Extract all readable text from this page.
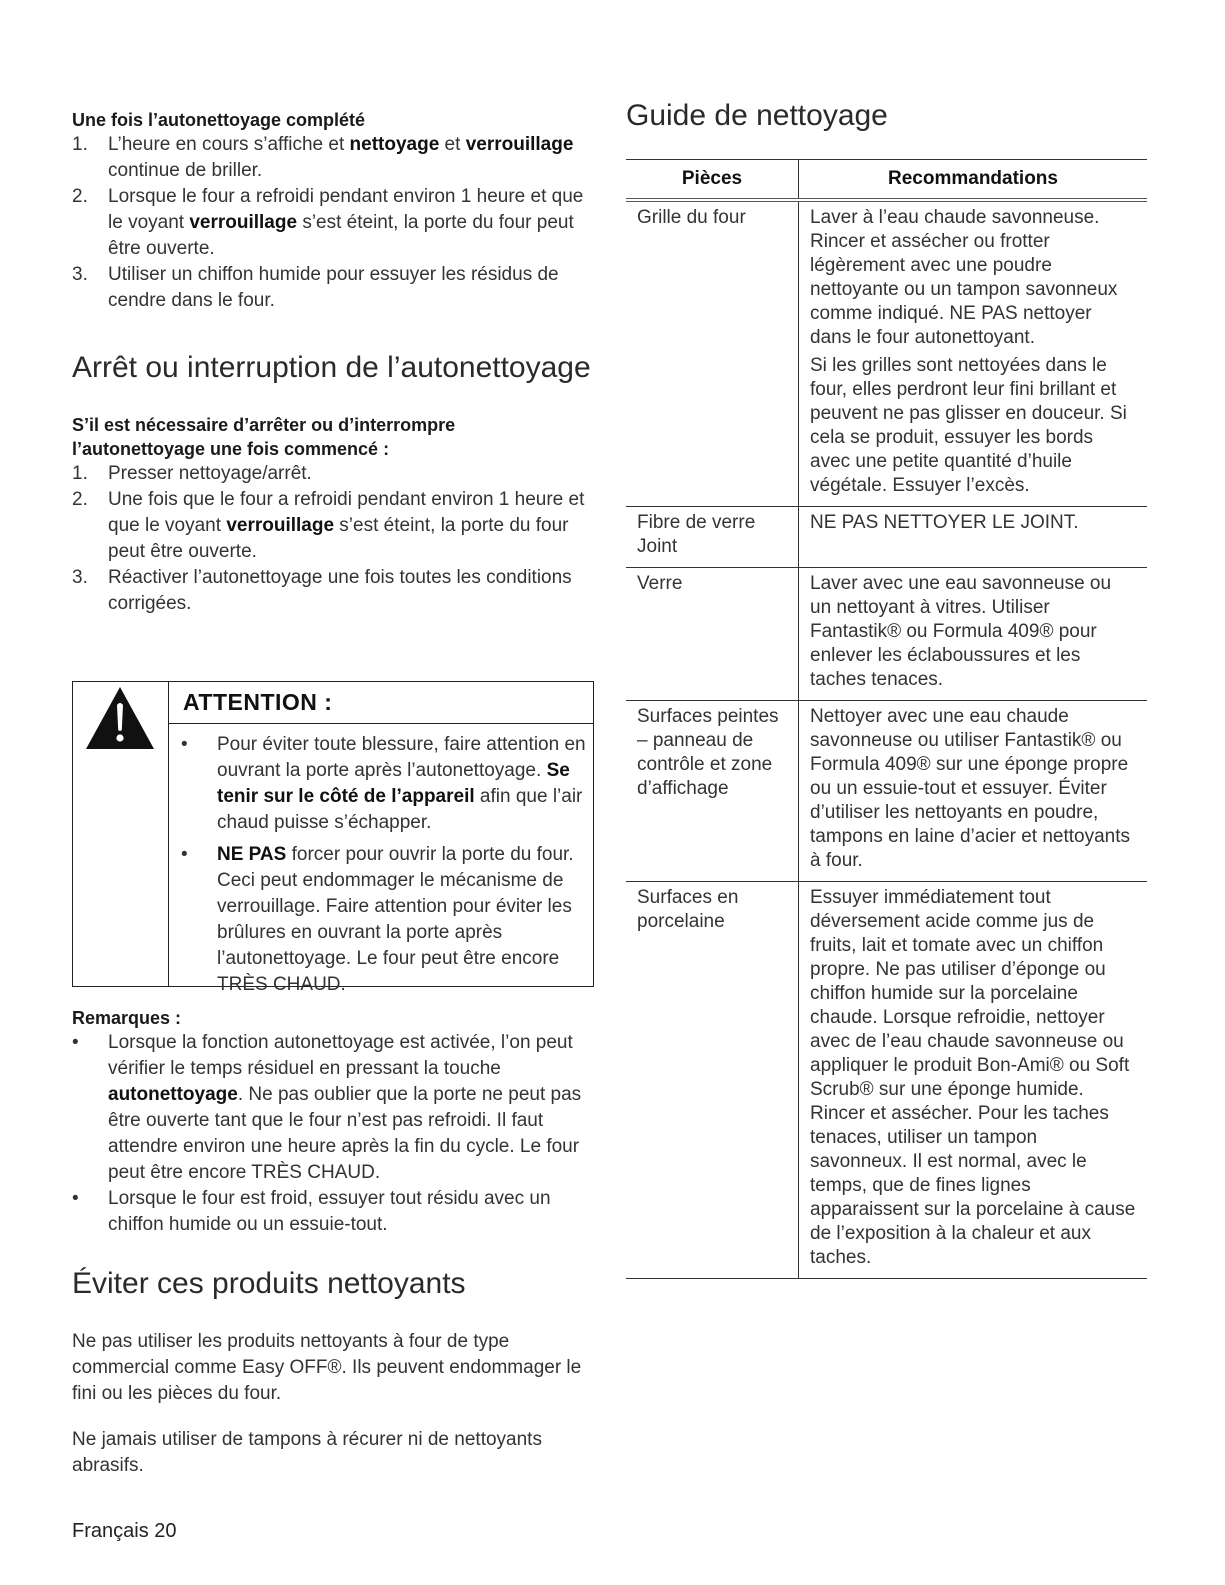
Une fois l’autonettoyage complété

1.	L’heure en cours s’affiche et nettoyage et verrouillage continue de briller.
2.	Lorsque le four a refroidi pendant environ 1 heure et que le voyant verrouillage s’est éteint, la porte du four peut être ouverte.
3.	Utiliser un chiffon humide pour essuyer les résidus de cendre dans le four.
Arrêt ou interruption de l’autonettoyage

S’il est nécessaire d’arrêter ou d’interrompre l’autonettoyage une fois commencé :

1.	Presser nettoyage/arrêt.
2.	Une fois que le four a refroidi pendant environ 1 heure et que le voyant verrouillage s’est éteint, la porte du four peut être ouverte.
3.	Réactiver l’autonettoyage une fois toutes les conditions corrigées.
ATTENTION :
•	Pour éviter toute blessure, faire attention en ouvrant la porte après l’autonettoyage. Se tenir sur le côté de l’appareil afin que l’air chaud puisse s’échapper.
•	NE PAS forcer pour ouvrir la porte du four. Ceci peut endommager le mécanisme de verrouillage. Faire attention pour éviter les brûlures en ouvrant la porte après l’autonettoyage. Le four peut être encore TRÈS CHAUD.

Remarques :

•	Lorsque la fonction autonettoyage est activée, l’on peut vérifier le temps résiduel en pressant la touche autonettoyage. Ne pas oublier que la porte ne peut pas être ouverte tant que le four n’est pas refroidi. Il faut attendre environ une heure après la fin du cycle. Le four peut être encore TRÈS CHAUD.
•	Lorsque le four est froid, essuyer tout résidu avec un chiffon humide ou un essuie-tout.
Éviter ces produits nettoyants

Ne pas utiliser les produits nettoyants à four de type commercial comme Easy OFF®. Ils peuvent endommager le fini ou les pièces du four.

Ne jamais utiliser de tampons à récurer ni de nettoyants abrasifs.

Guide de nettoyage
Pièces	Recommandations

Grille du four	Laver à l’eau chaude savonneuse. Rincer et assécher ou frotter légèrement avec une poudre nettoyante ou un tampon savonneux comme indiqué. NE PAS nettoyer dans le four autonettoyant.
Si les grilles sont nettoyées dans le four, elles perdront leur fini brillant et peuvent ne pas glisser en douceur. Si cela se produit, essuyer les bords avec une petite quantité d’huile végétale. Essuyer l’excès.

Fibre de verre
Joint	NE PAS NETTOYER LE JOINT.

Verre	Laver avec une eau savonneuse ou un nettoyant à vitres. Utiliser Fantastik® ou Formula 409® pour enlever les éclaboussures et les taches tenaces.

Surfaces peintes – panneau de contrôle et zone d’affichage	Nettoyer avec une eau chaude savonneuse ou utiliser Fantastik® ou Formula 409® sur une éponge propre ou un essuie-tout et essuyer. Éviter d’utiliser les nettoyants en poudre, tampons en laine d’acier et nettoyants à four.

Surfaces en porcelaine	Essuyer immédiatement tout déversement acide comme jus de fruits, lait et tomate avec un chiffon propre. Ne pas utiliser d’éponge ou chiffon humide sur la porcelaine chaude. Lorsque refroidie, nettoyer avec de l’eau chaude savonneuse ou appliquer le produit Bon-Ami® ou Soft Scrub® sur une éponge humide. Rincer et assécher. Pour les taches tenaces, utiliser un tampon savonneux. Il est normal, avec le temps, que de fines lignes apparaissent sur la porcelaine à cause de l’exposition à la chaleur et aux taches.
Français 20
